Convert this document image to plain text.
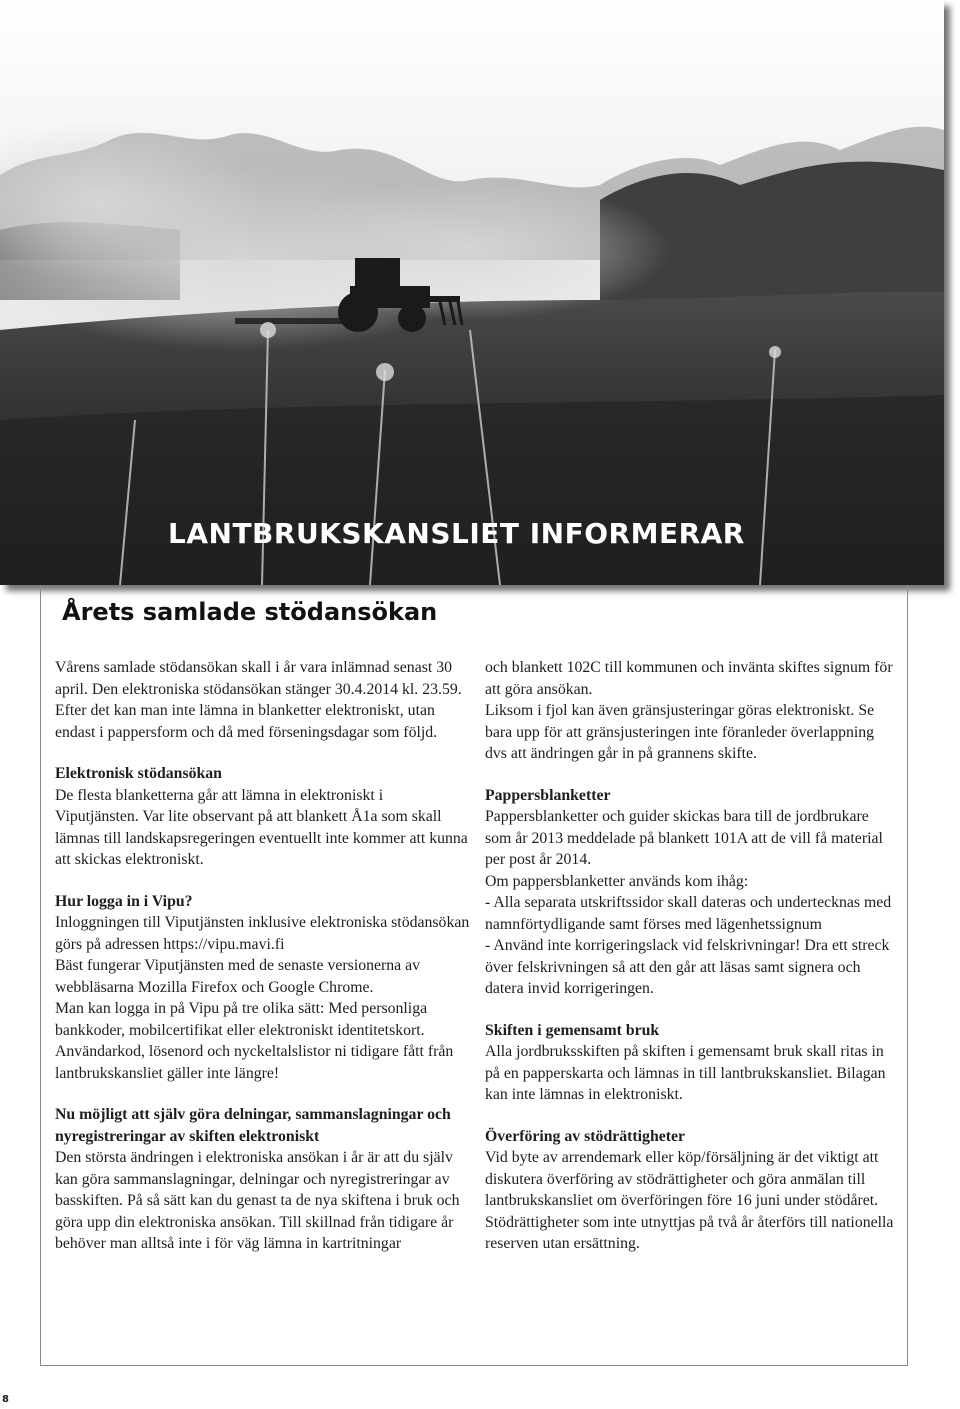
LANTBRUKSKANSLIET INFORMERAR
Årets samlade stödansökan

Vårens samlade stödansökan skall i år vara inlämnad senast 30 april. Den elektroniska stödansökan stänger 30.4.2014 kl. 23.59. Efter det kan man inte lämna in blanketter elektroniskt, utan endast i pappersform och då med förseningsdagar som följd.

Elektronisk stödansökan

De flesta blanketterna går att lämna in elektroniskt i Viputjänsten. Var lite observant på att blankett Å1a som skall lämnas till landskapsregeringen eventuellt inte kommer att kunna att skickas elektroniskt.

Hur logga in i Vipu?

Inloggningen till Viputjänsten inklusive elektroniska stödansökan görs på adressen https://vipu.mavi.fi

Bäst fungerar Viputjänsten med de senaste versionerna av webbläsarna Mozilla Firefox och Google Chrome.

Man kan logga in på Vipu på tre olika sätt: Med personliga bankkoder, mobilcertifikat eller elektroniskt identitetskort. Användarkod, lösenord och nyckeltalslistor ni tidigare fått från lantbrukskansliet gäller inte längre!

Nu möjligt att själv göra delningar, sammanslagningar och nyregistreringar av skiften elektroniskt

Den största ändringen i elektroniska ansökan i år är att du själv kan göra sammanslagningar, delningar och nyregistreringar av basskiften. På så sätt kan du genast ta de nya skiftena i bruk och göra upp din elektroniska ansökan. Till skillnad från tidigare år behöver man alltså inte i för väg lämna in kartritningar

och blankett 102C till kommunen och invänta skiftes signum för att göra ansökan.

Liksom i fjol kan även gränsjusteringar göras elektroniskt. Se bara upp för att gränsjusteringen inte föranleder överlappning dvs att ändringen går in på grannens skifte.

Pappersblanketter

Pappersblanketter och guider skickas bara till de jordbrukare som år 2013 meddelade på blankett 101A att de vill få material per post år 2014.

Om pappersblanketter används kom ihåg:

- Alla separata utskriftssidor skall dateras och undertecknas med namnförtydligande samt förses med lägenhetssignum

- Använd inte korrigeringslack vid felskrivningar! Dra ett streck över felskrivningen så att den går att läsas samt signera och datera invid korrigeringen.

Skiften i gemensamt bruk

Alla jordbruksskiften på skiften i gemensamt bruk skall ritas in på en papperskarta och lämnas in till lantbrukskansliet. Bilagan kan inte lämnas in elektroniskt.

Överföring av stödrättigheter

Vid byte av arrendemark eller köp/försäljning är det viktigt att diskutera överföring av stödrättigheter och göra anmälan till lantbrukskansliet om överföringen före 16 juni under stödåret. Stödrättigheter som inte utnyttjas på två år återförs till nationella reserven utan ersättning.

8
